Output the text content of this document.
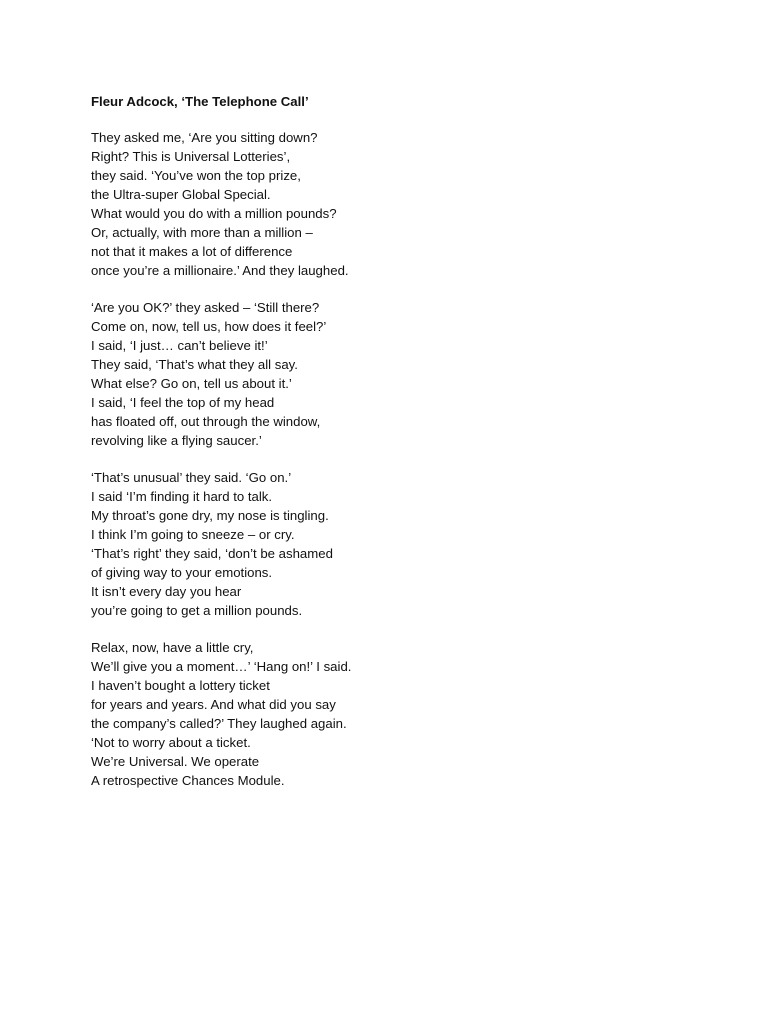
Fleur Adcock, ‘The Telephone Call’
They asked me, ‘Are you sitting down?
Right? This is Universal Lotteries’,
they said. ‘You’ve won the top prize,
the Ultra-super Global Special.
What would you do with a million pounds?
Or, actually, with more than a million –
not that it makes a lot of difference
once you’re a millionaire.’ And they laughed.
‘Are you OK?’ they asked – ‘Still there?
Come on, now, tell us, how does it feel?’
I said, ‘I just… can’t believe it!’
They said, ‘That’s what they all say.
What else? Go on, tell us about it.’
I said, ‘I feel the top of my head
has floated off, out through the window,
revolving like a flying saucer.’
‘That’s unusual’ they said. ‘Go on.’
I said ‘I’m finding it hard to talk.
My throat’s gone dry, my nose is tingling.
I think I’m going to sneeze – or cry.
‘That’s right’ they said, ‘don’t be ashamed
of giving way to your emotions.
It isn’t every day you hear
you’re going to get a million pounds.
Relax, now, have a little cry,
We’ll give you a moment…’ ‘Hang on!’ I said.
I haven’t bought a lottery ticket
for years and years. And what did you say
the company’s called?’ They laughed again.
‘Not to worry about a ticket.
We’re Universal. We operate
A retrospective Chances Module.
